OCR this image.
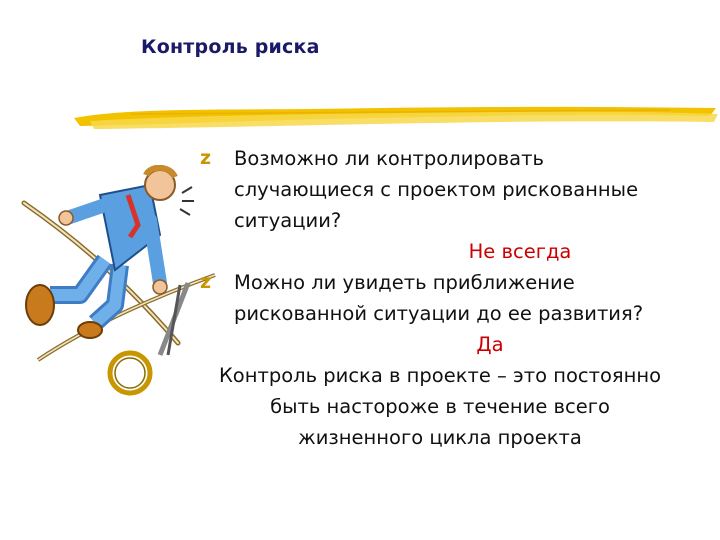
Контроль риска
z	Возможно ли контролировать
случающиеся с проектом рискованные
ситуации?
Не всегда
z	Можно ли увидеть приближение
рискованной ситуации до ее развития?
Да
Контроль риска в проекте – это постоянно
быть настороже в течение всего
жизненного цикла проекта
